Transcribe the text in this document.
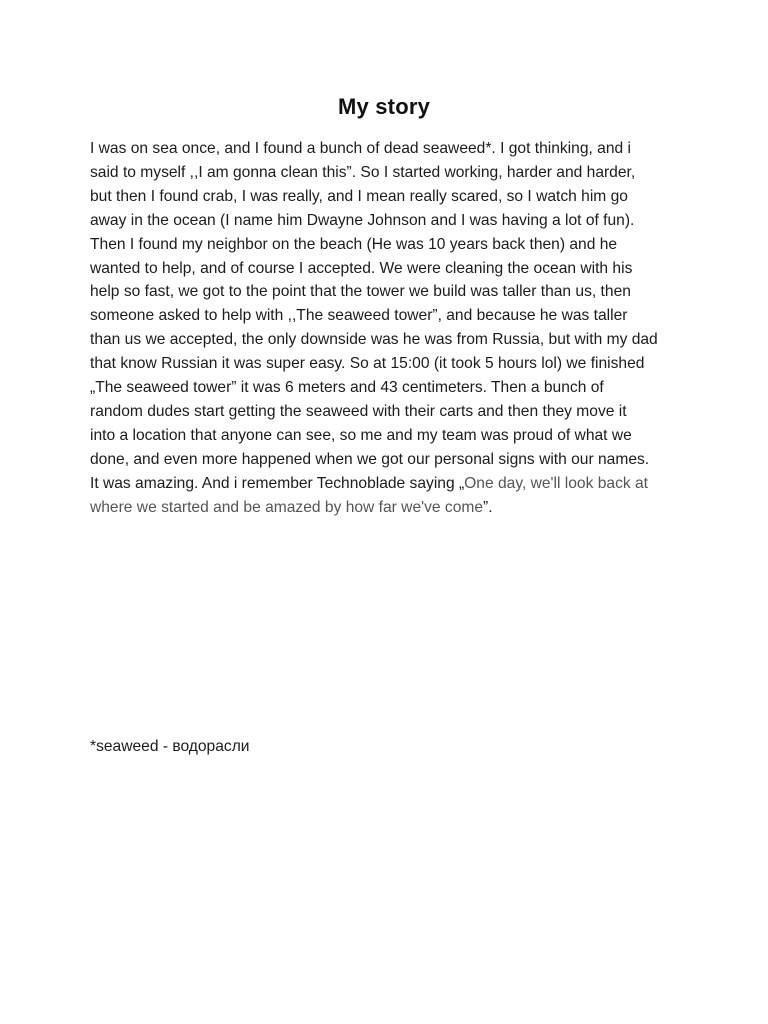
My story

I was on sea once, and I found a bunch of dead seaweed*. I got thinking, and i
said to myself ,,I am gonna clean this”. So I started working, harder and harder,
but then I found crab, I was really, and I mean really scared, so I watch him go
away in the ocean (I name him Dwayne Johnson and I was having a lot of fun).
Then I found my neighbor on the beach (He was 10 years back then) and he
wanted to help, and of course I accepted. We were cleaning the ocean with his
help so fast, we got to the point that the tower we build was taller than us, then
someone asked to help with ,,The seaweed tower”, and because he was taller
than us we accepted, the only downside was he was from Russia, but with my dad
that know Russian it was super easy. So at 15:00 (it took 5 hours lol) we finished
„The seaweed tower” it was 6 meters and 43 centimeters. Then a bunch of
random dudes start getting the seaweed with their carts and then they move it
into a location that anyone can see, so me and my team was proud of what we
done, and even more happened when we got our personal signs with our names.
It was amazing. And i remember Technoblade saying „One day, we'll look back at
where we started and be amazed by how far we've come”.

*seaweed - водорасли
